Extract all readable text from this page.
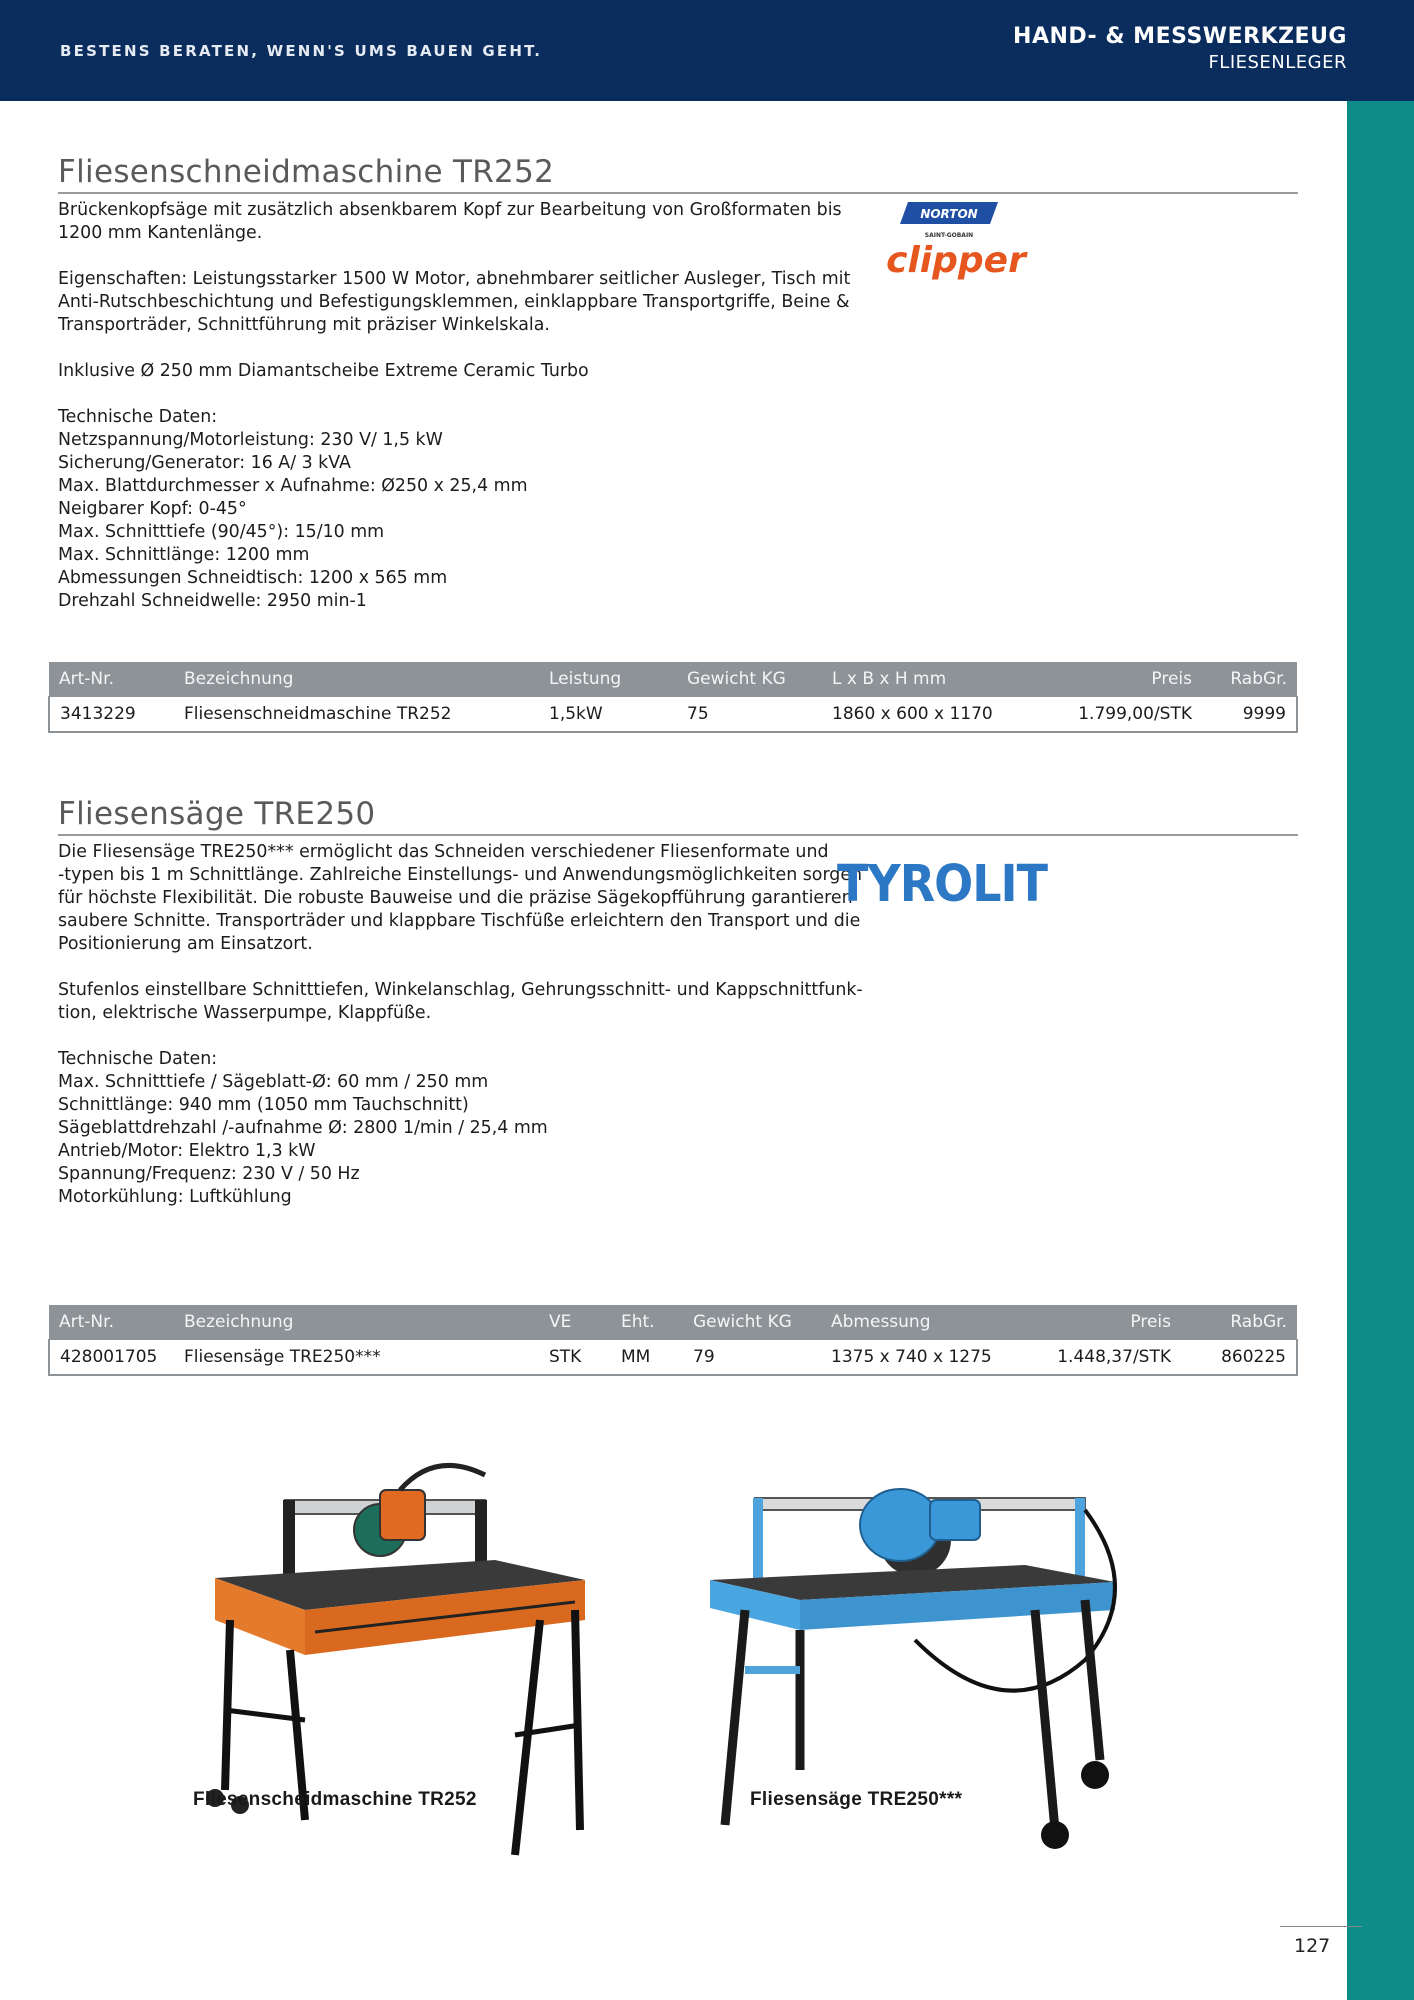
BESTENS BERATEN, WENN'S UMS BAUEN GEHT.
HAND- & MESSWERKZEUG
FLIESENLEGER
Fliesenschneidmaschine TR252

Brückenkopfsäge mit zusätzlich absenkbarem Kopf zur Bearbeitung von Großformaten bis
1200 mm Kantenlänge.

Eigenschaften: Leistungsstarker 1500 W Motor, abnehmbarer seitlicher Ausleger, Tisch mit
Anti-Rutschbeschichtung und Befestigungsklemmen, einklappbare Transportgriffe, Beine &
Transporträder, Schnittführung mit präziser Winkelskala.

Inklusive Ø 250 mm Diamantscheibe Extreme Ceramic Turbo

Technische Daten:
Netzspannung/Motorleistung: 230 V/ 1,5 kW
Sicherung/Generator: 16 A/ 3 kVA
Max. Blattdurchmesser x Aufnahme: Ø250 x 25,4 mm
Neigbarer Kopf: 0-45°
Max. Schnitttiefe (90/45°): 15/10 mm
Max. Schnittlänge: 1200 mm
Abmessungen Schneidtisch: 1200 x 565 mm
Drehzahl Schneidwelle: 2950 min-1

NORTON
SAINT-GOBAIN
clipper
Art-Nr.	Bezeichnung	Leistung	Gewicht KG	L x B x H mm	Preis	RabGr.
3413229	Fliesenschneidmaschine TR252	1,5kW	75	1860 x 600 x 1170	1.799,00/STK	9999
Fliesensäge TRE250

Die Fliesensäge TRE250*** ermöglicht das Schneiden verschiedener Fliesenformate und
-typen bis 1 m Schnittlänge. Zahlreiche Einstellungs- und Anwendungsmöglichkeiten sorgen
für höchste Flexibilität. Die robuste Bauweise und die präzise Sägekopfführung garantieren
saubere Schnitte. Transporträder und klappbare Tischfüße erleichtern den Transport und die
Positionierung am Einsatzort.

Stufenlos einstellbare Schnitttiefen, Winkelanschlag, Gehrungsschnitt- und Kappschnittfunk-
tion, elektrische Wasserpumpe, Klappfüße.

Technische Daten:
Max. Schnitttiefe / Sägeblatt-Ø: 60 mm / 250 mm
Schnittlänge: 940 mm (1050 mm Tauchschnitt)
Sägeblattdrehzahl /-aufnahme Ø: 2800 1/min / 25,4 mm
Antrieb/Motor: Elektro 1,3 kW
Spannung/Frequenz: 230 V / 50 Hz
Motorkühlung: Luftkühlung

TYROLIT
Art-Nr.	Bezeichnung	VE	Eht.	Gewicht KG	Abmessung	Preis	RabGr.
428001705	Fliesensäge TRE250***	STK	MM	79	1375 x 740 x 1275	1.448,37/STK	860225
Fliesenscheidmaschine TR252	Fliesensäge TRE250***
127
